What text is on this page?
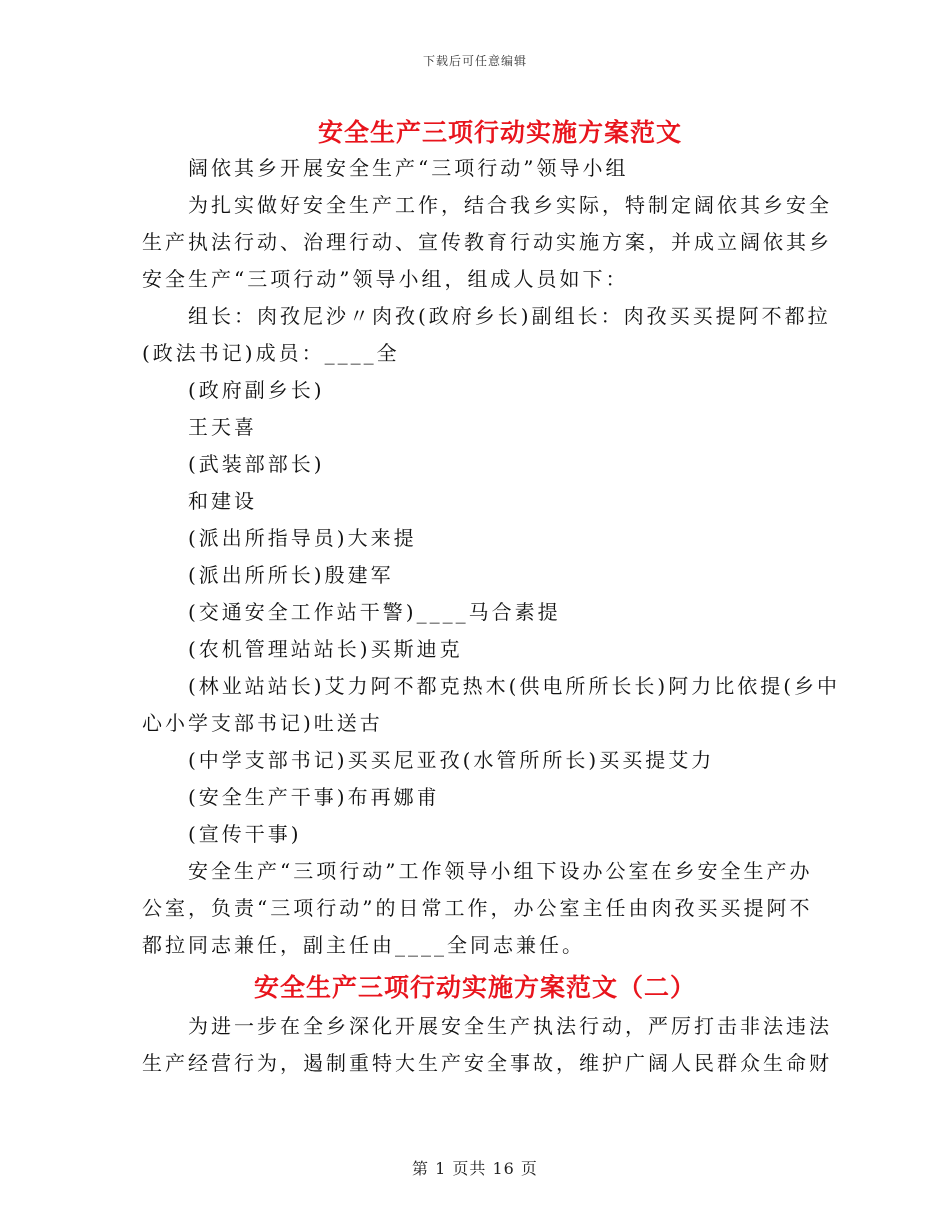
下载后可任意编辑
安全生产三项行动实施方案范文
阔依其乡开展安全生产“三项行动”领导小组
为扎实做好安全生产工作，结合我乡实际，特制定阔依其乡安全
生产执法行动、治理行动、宣传教育行动实施方案，并成立阔依其乡
安全生产“三项行动”领导小组，组成人员如下：
组长：肉孜尼沙〃肉孜(政府乡长)副组长：肉孜买买提阿不都拉
(政法书记)成员：____全
(政府副乡长)
王天喜
(武装部部长)
和建设
(派出所指导员)大来提
(派出所所长)殷建军
(交通安全工作站干警)____马合素提
(农机管理站站长)买斯迪克
(林业站站长)艾力阿不都克热木(供电所所长长)阿力比依提(乡中
心小学支部书记)吐送古
(中学支部书记)买买尼亚孜(水管所所长)买买提艾力
(安全生产干事)布再娜甫
(宣传干事)
安全生产“三项行动”工作领导小组下设办公室在乡安全生产办
公室，负责“三项行动”的日常工作，办公室主任由肉孜买买提阿不
都拉同志兼任，副主任由____全同志兼任。
安全生产三项行动实施方案范文（二）
为进一步在全乡深化开展安全生产执法行动，严厉打击非法违法
生产经营行为，遏制重特大生产安全事故，维护广阔人民群众生命财
第 1 页共 16 页
